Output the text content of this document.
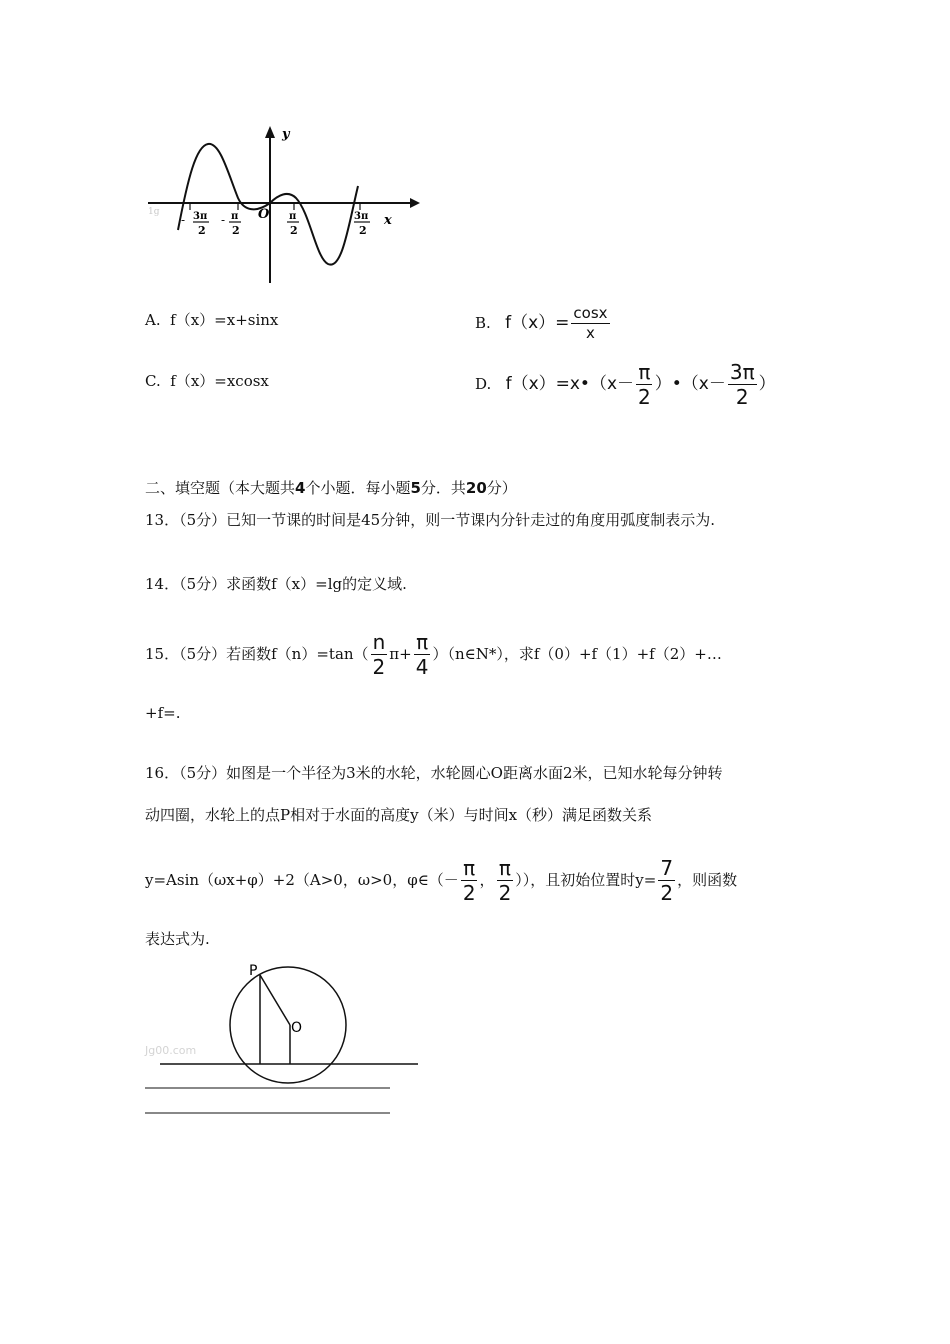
y
x
O
- 3π
2
- π
2
π
2
3π
2
1g
A. f（x）=x+sinx	B.
$f(x)= \frac{\cos x}{x}$
C. f（x）=xcosx	D.
f（x）=x•（x－ $\frac{\pi}{2}$ ）•（x－ $\frac{3\pi}{2}$ ）
二、填空题（本大题共4个小题．每小题5分．共20分）
13．（5分）已知一节课的时间是45分钟，则一节课内分针走过的角度用弧度制表示为.
14．（5分）求函数f（x）=lg的定义域.
15．（5分）若函数$f(n)=\tan( \frac{n}{2} \pi+ \frac{\pi}{4}$ ）（n∈N*），求f（0）+f（1）+f（2）+…
+f=.
16．（5分）如图是一个半径为3米的水轮，水轮圆心O距离水面2米，已知水轮每分钟转
动四圈，水轮上的点P相对于水面的高度y（米）与时间x（秒）满足函数关系
y=Asin（ωx+φ）+2（A>0，ω>0，φ∈（－ $\frac{\pi}{2}$ ， $\frac{\pi}{2}$ ）），且初始位置时$y= \frac{7}{2}$ ，则函数
表达式为.
P
O
Jg00.com
